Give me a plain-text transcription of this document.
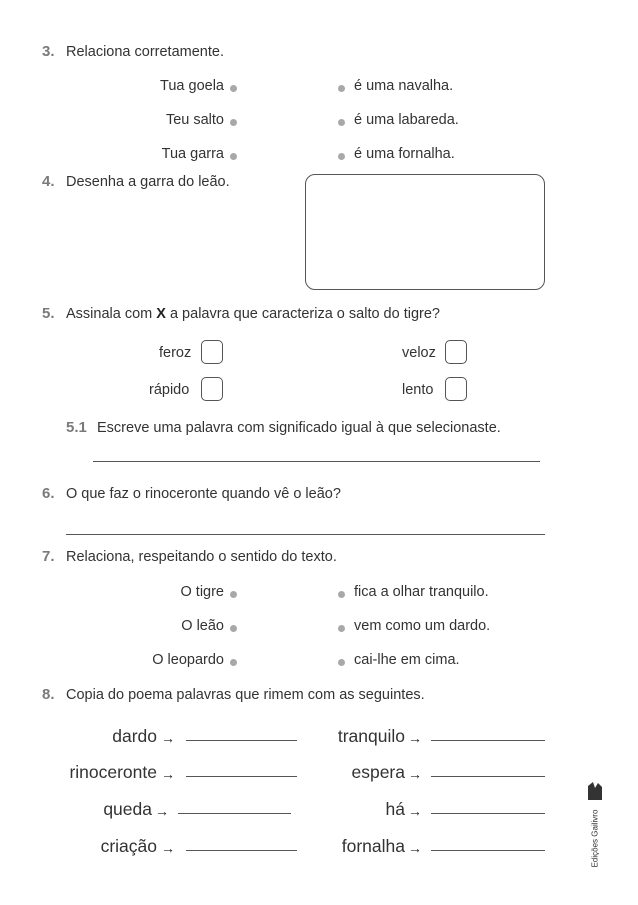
3. Relaciona corretamente.
Tua goela	é uma navalha.
Teu salto	é uma labareda.
Tua garra	é uma fornalha.
4. Desenha a garra do leão.
5. Assinala com X a palavra que caracteriza o salto do tigre?
feroz	veloz
rápido	lento
5.1 Escreve uma palavra com significado igual à que selecionaste.
6. O que faz o rinoceronte quando vê o leão?
7. Relaciona, respeitando o sentido do texto.
O tigre	fica a olhar tranquilo.
O leão	vem como um dardo.
O leopardo	cai-lhe em cima.
8. Copia do poema palavras que rimem com as seguintes.
dardo →	tranquilo →
rinoceronte →	espera →
queda →	há →
criação →	fornalha →	Edições Gailivro
